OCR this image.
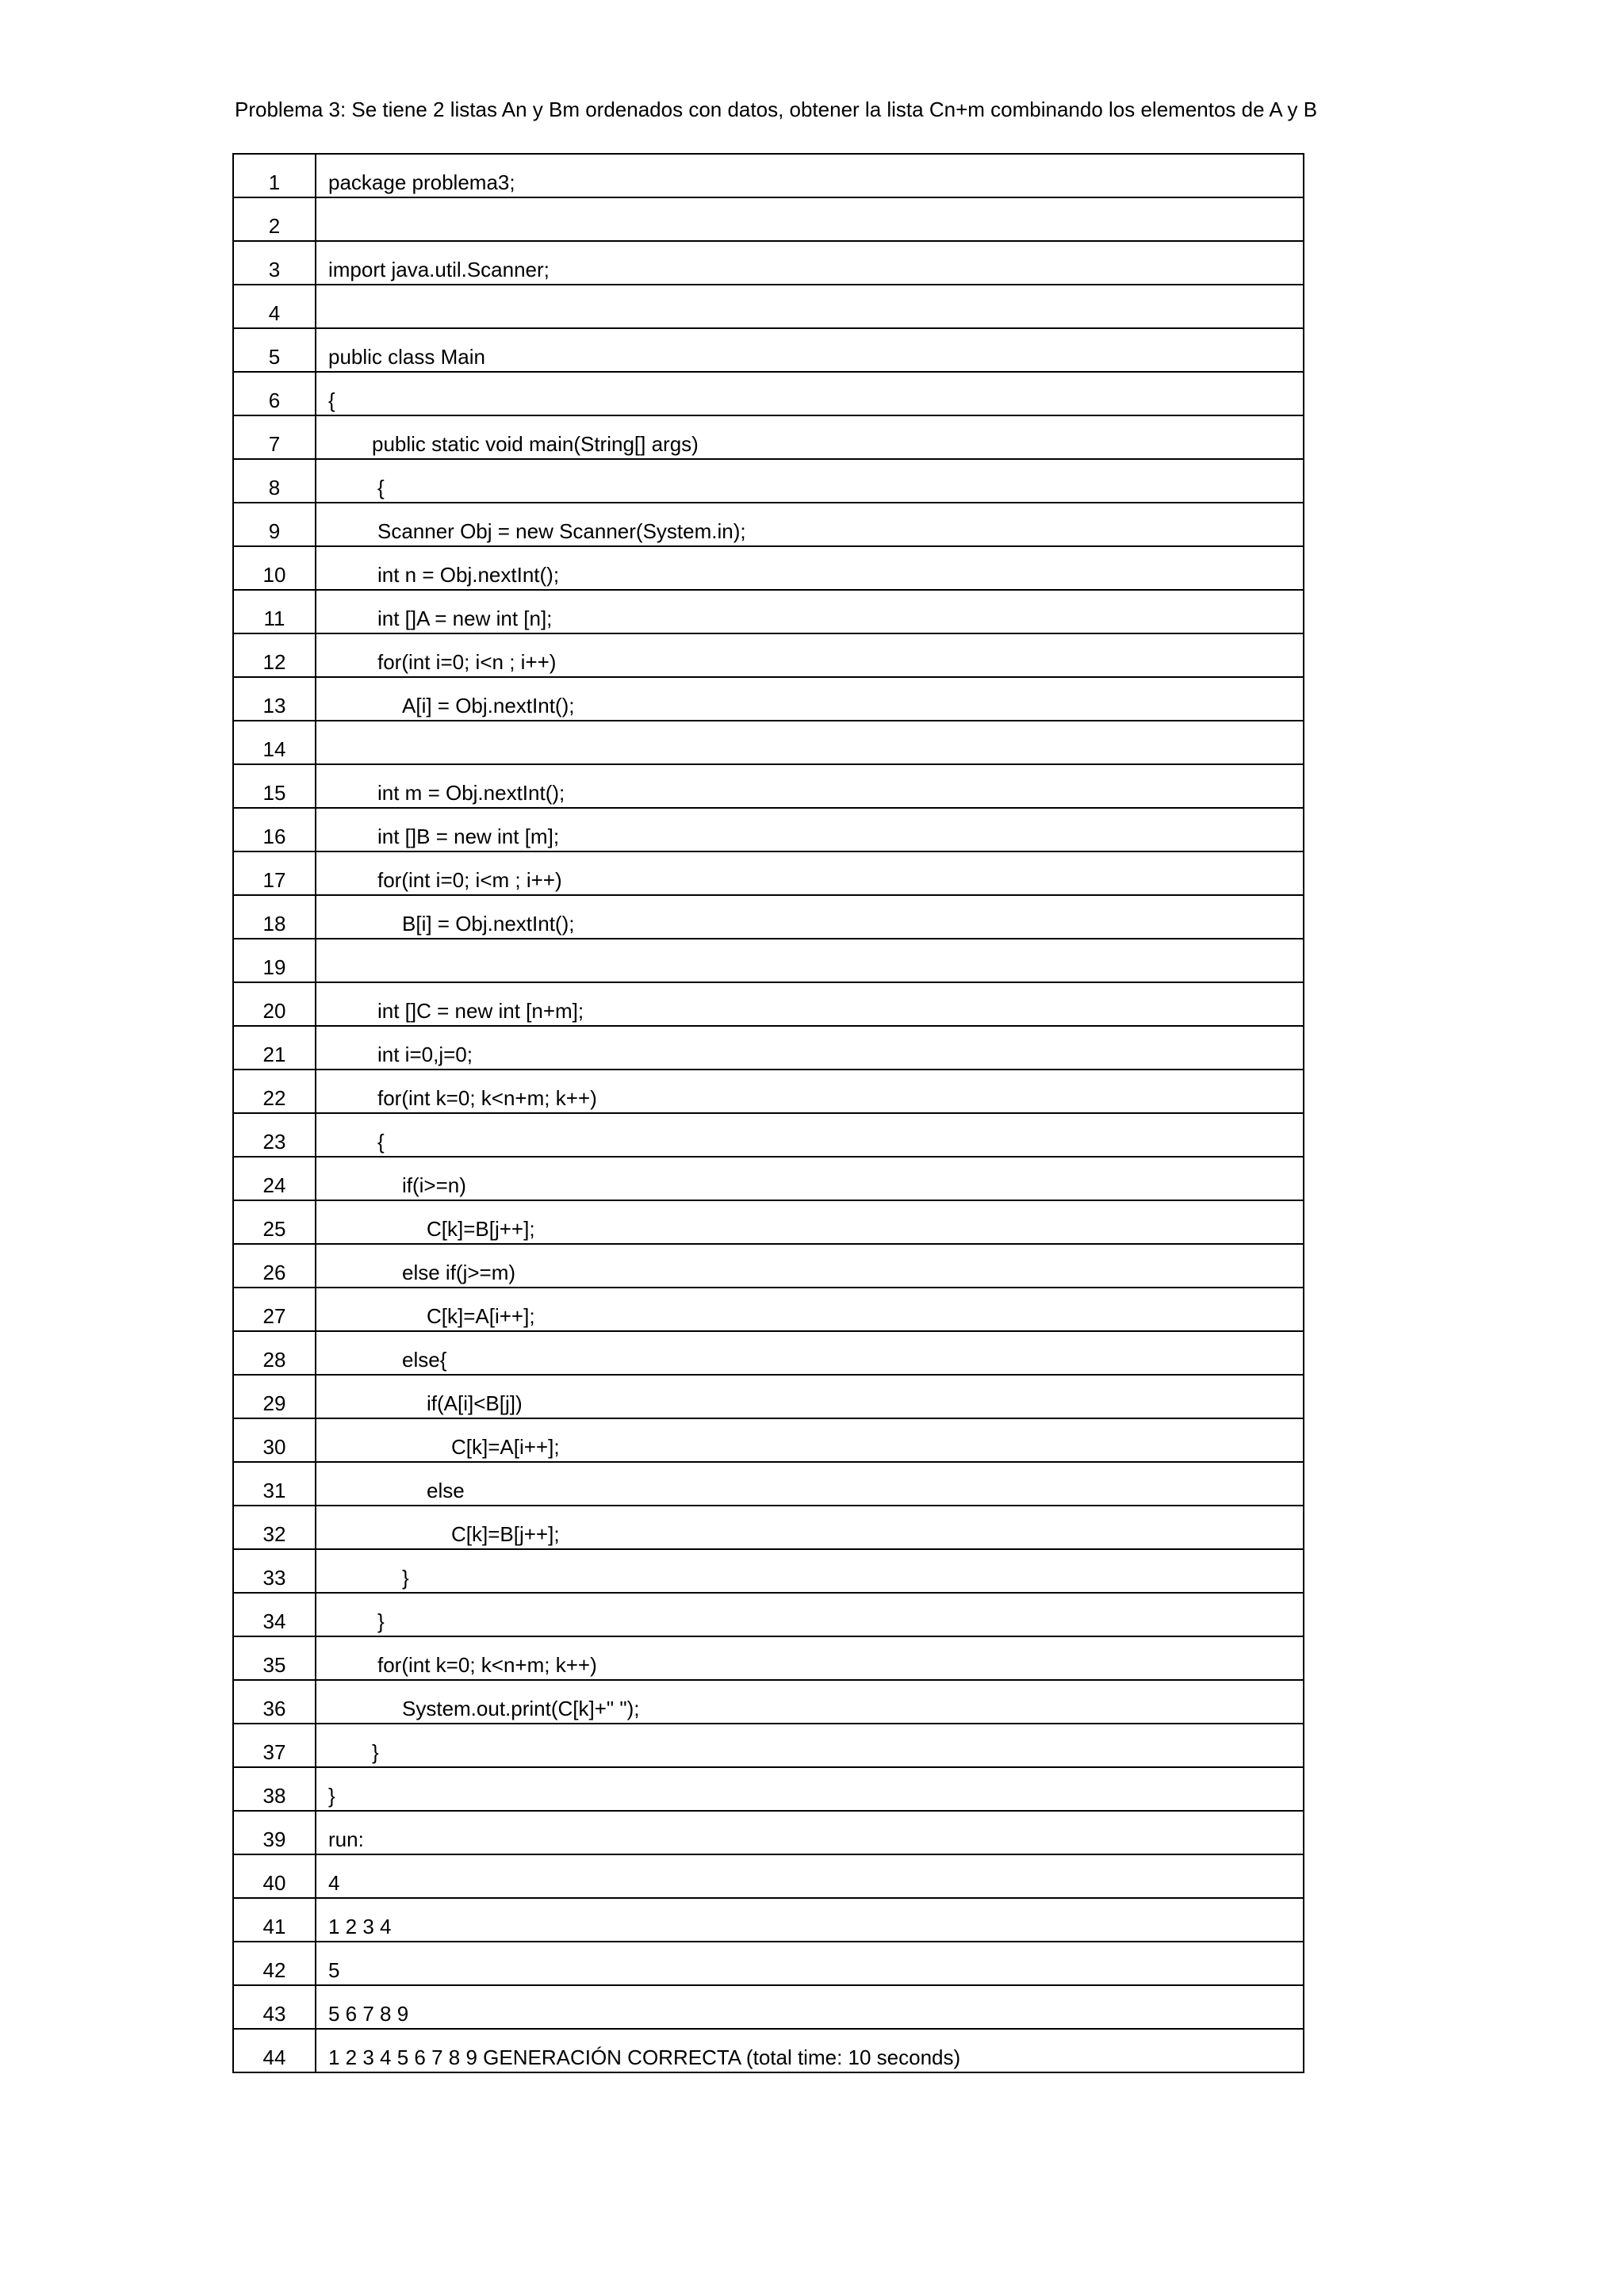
Problema 3: Se tiene 2 listas An y Bm ordenados con datos, obtener la lista Cn+m combinando los elementos de A y B
1	package problema3;
2	
3	import java.util.Scanner;
4	
5	public class Main
6	{
7	public static void main(String[] args)
8	{
9	Scanner Obj = new Scanner(System.in);
10	int n = Obj.nextInt();
11	int []A = new int [n];
12	for(int i=0; i<n ; i++)
13	A[i] = Obj.nextInt();
14	
15	int m = Obj.nextInt();
16	int []B = new int [m];
17	for(int i=0; i<m ; i++)
18	B[i] = Obj.nextInt();
19	
20	int []C = new int [n+m];
21	int i=0,j=0;
22	for(int k=0; k<n+m; k++)
23	{
24	if(i>=n)
25	C[k]=B[j++];
26	else if(j>=m)
27	C[k]=A[i++];
28	else{
29	if(A[i]<B[j])
30	C[k]=A[i++];
31	else
32	C[k]=B[j++];
33	}
34	}
35	for(int k=0; k<n+m; k++)
36	System.out.print(C[k]+" ");
37	}
38	}
39	run:
40	4
41	1 2 3 4
42	5
43	5 6 7 8 9
44	1 2 3 4 5 6 7 8 9 GENERACIÓN CORRECTA (total time: 10 seconds)
